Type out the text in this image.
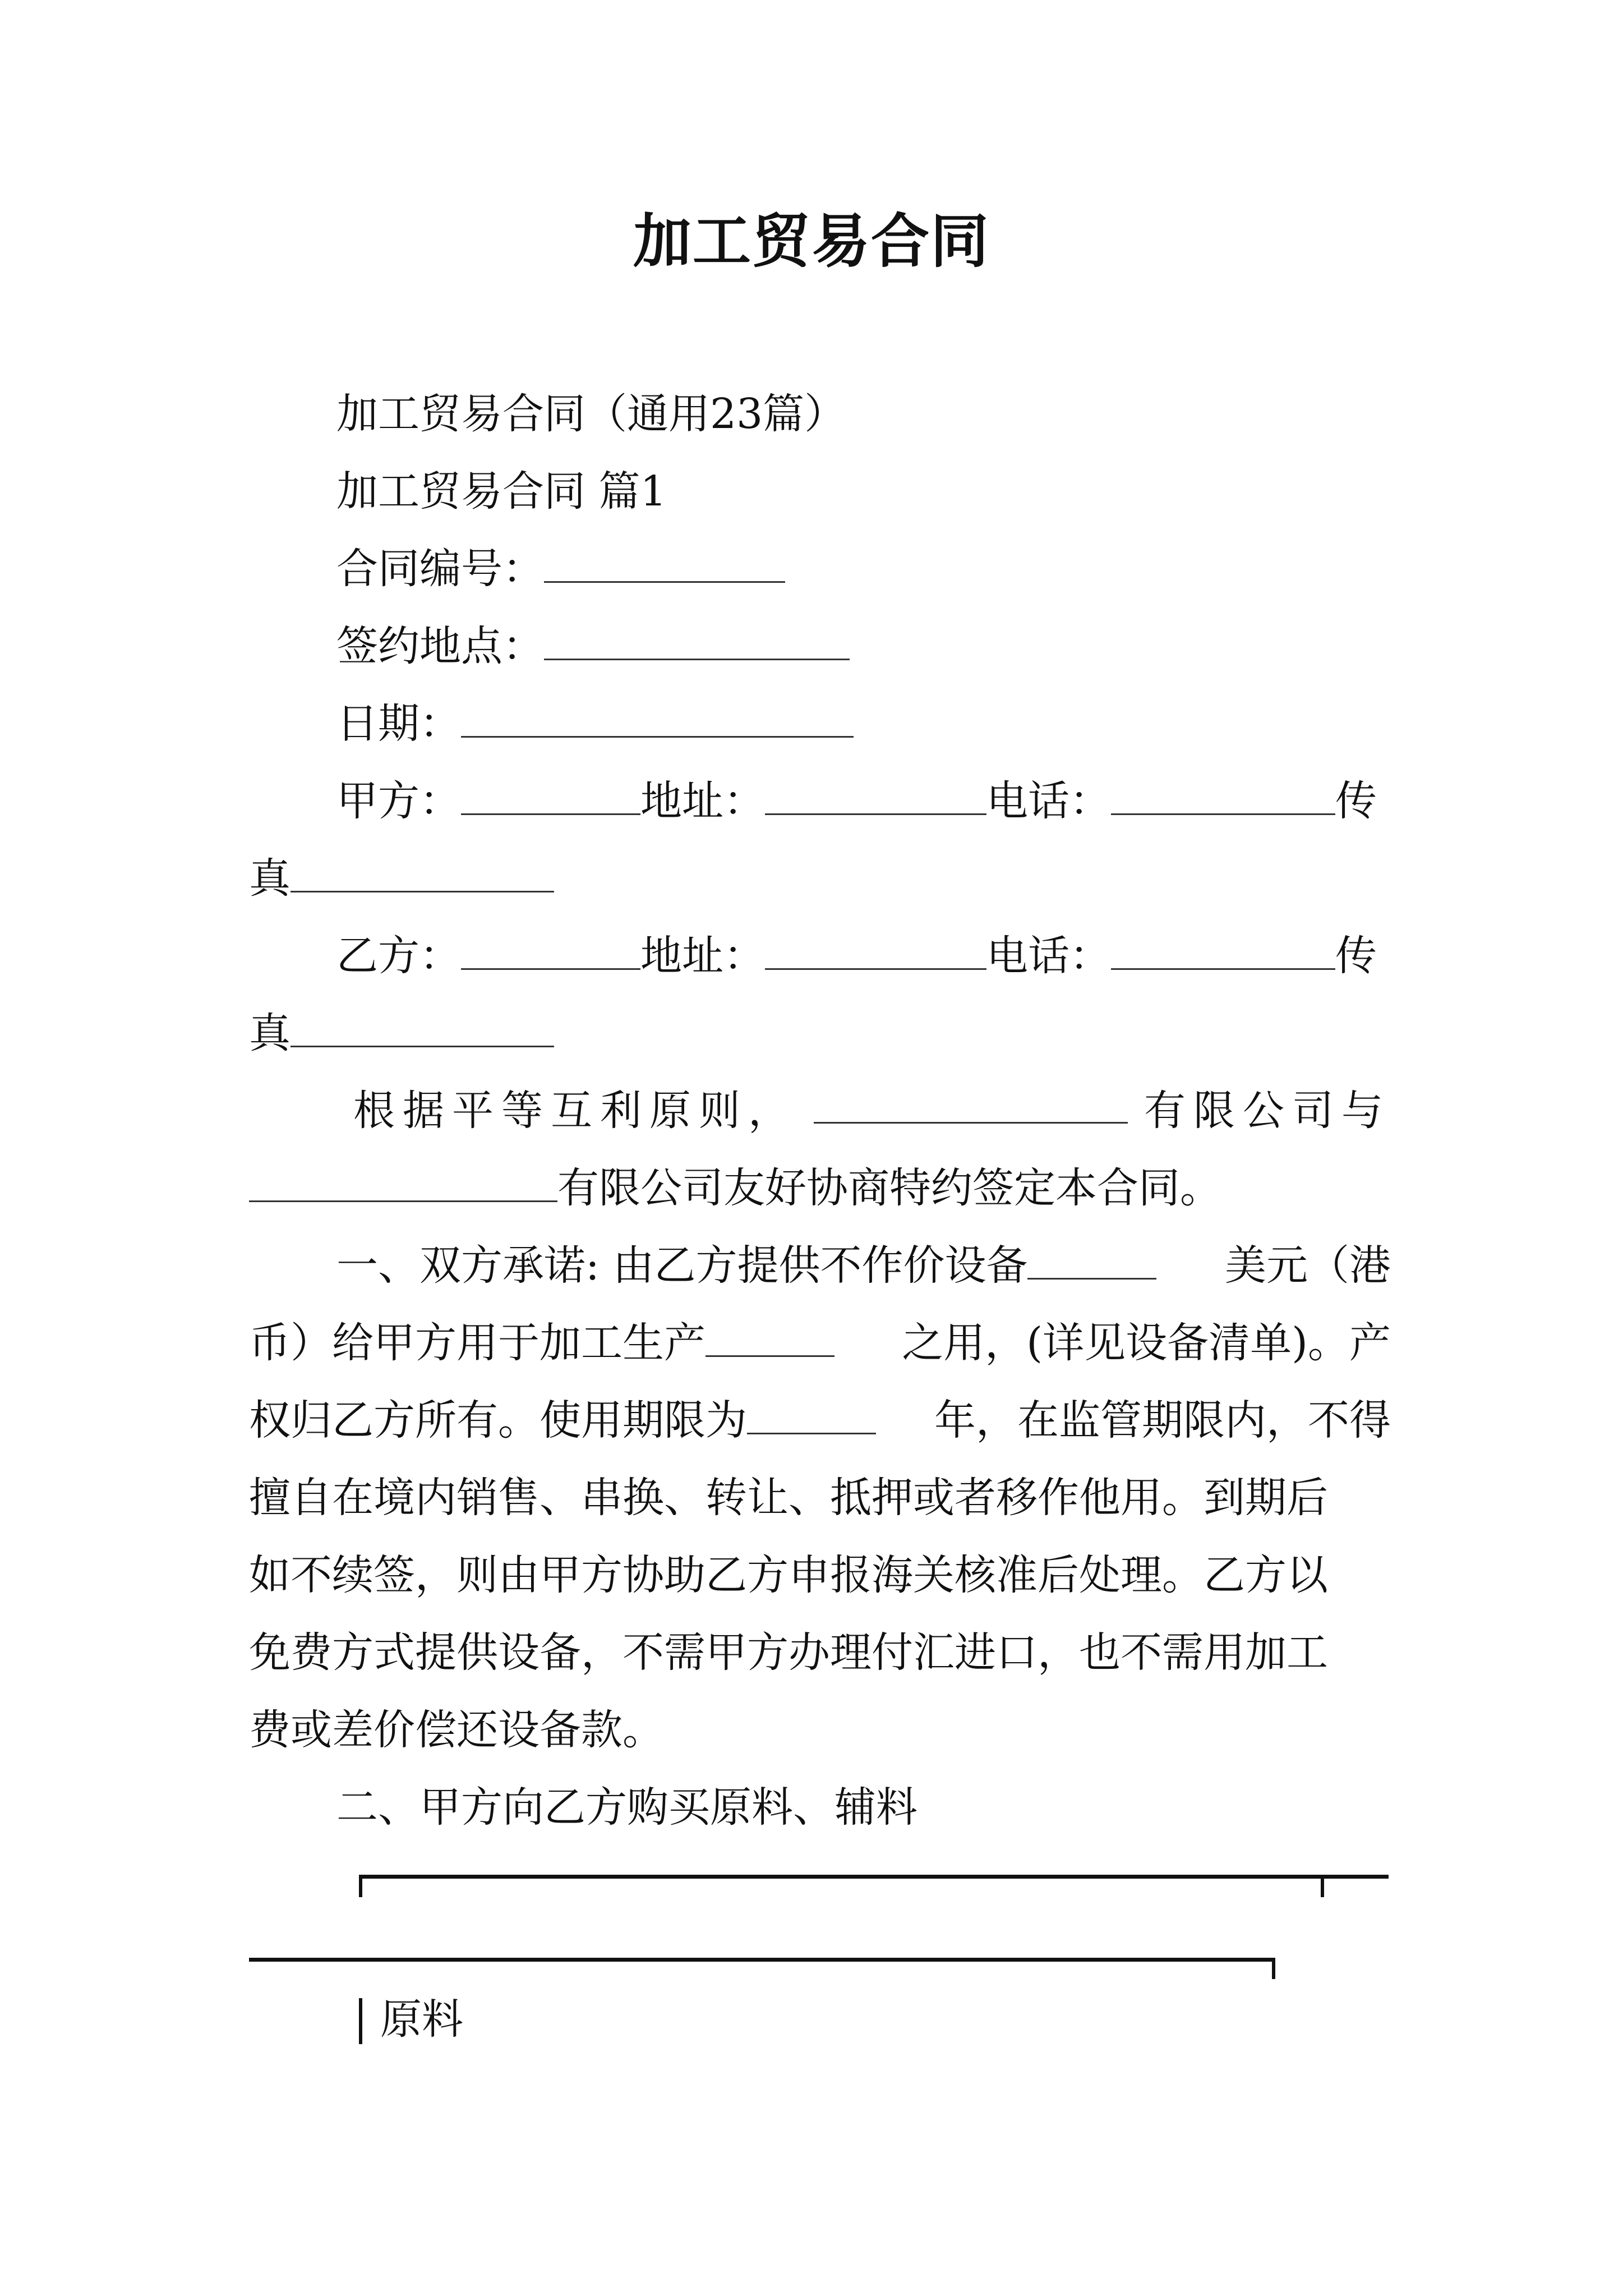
加工贸易合同
加工贸易合同（通用23篇）
加工贸易合同 篇1
合同编号：
签约地点：
日期：
甲方：	地址：	电话：	传
真
乙方：	地址：	电话：	传
真
根据平等互利原则，	有限公司与
有限公司友好协商特约签定本合同。
一、双方承诺: 由乙方提供不作价设备	美元（港
币）给甲方用于加工生产	之用，(详见设备清单)。产
权归乙方所有。使用期限为	年，在监管期限内，不得
擅自在境内销售、串换、转让、抵押或者移作他用。到期后
如不续签，则由甲方协助乙方申报海关核准后处理。乙方以
免费方式提供设备，不需甲方办理付汇进口，也不需用加工
费或差价偿还设备款。
二、甲方向乙方购买原料、辅料
原料
